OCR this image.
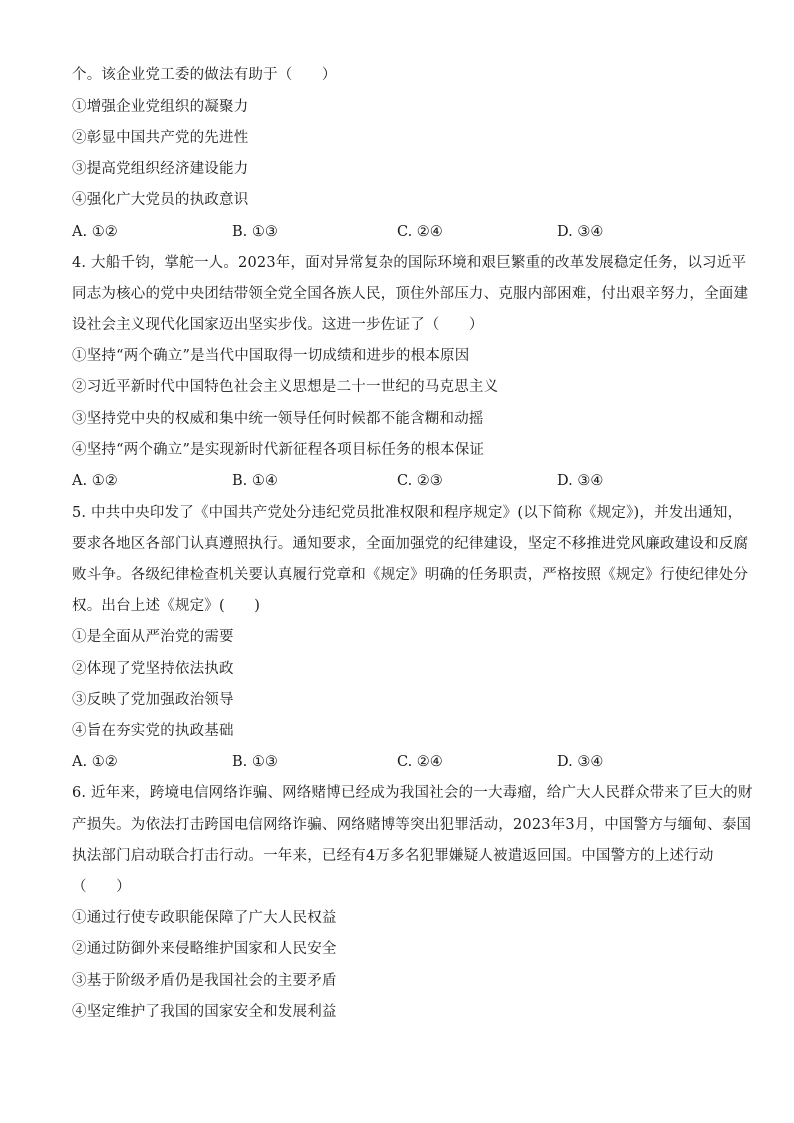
个。该企业党工委的做法有助于（　　）
①增强企业党组织的凝聚力
②彰显中国共产党的先进性
③提高党组织经济建设能力
④强化广大党员的执政意识
A. ①②	B. ①③	C. ②④	D. ③④
4. 大船千钧，掌舵一人。2023年，面对异常复杂的国际环境和艰巨繁重的改革发展稳定任务，以习近平
同志为核心的党中央团结带领全党全国各族人民，顶住外部压力、克服内部困难，付出艰辛努力，全面建
设社会主义现代化国家迈出坚实步伐。这进一步佐证了（　　）
①坚持“两个确立”是当代中国取得一切成绩和进步的根本原因
②习近平新时代中国特色社会主义思想是二十一世纪的马克思主义
③坚持党中央的权威和集中统一领导任何时候都不能含糊和动摇
④坚持“两个确立”是实现新时代新征程各项目标任务的根本保证
A. ①②	B. ①④	C. ②③	D. ③④
5. 中共中央印发了《中国共产党处分违纪党员批准权限和程序规定》(以下简称《规定》)，并发出通知，
要求各地区各部门认真遵照执行。通知要求，全面加强党的纪律建设，坚定不移推进党风廉政建设和反腐
败斗争。各级纪律检查机关要认真履行党章和《规定》明确的任务职责，严格按照《规定》行使纪律处分
权。出台上述《规定》(　　)
①是全面从严治党的需要
②体现了党坚持依法执政
③反映了党加强政治领导
④旨在夯实党的执政基础
A. ①②	B. ①③	C. ②④	D. ③④
6. 近年来，跨境电信网络诈骗、网络赌博已经成为我国社会的一大毒瘤，给广大人民群众带来了巨大的财
产损失。为依法打击跨国电信网络诈骗、网络赌博等突出犯罪活动，2023年3月，中国警方与缅甸、泰国
执法部门启动联合打击行动。一年来，已经有4万多名犯罪嫌疑人被遣返回国。中国警方的上述行动
（　　）
①通过行使专政职能保障了广大人民权益
②通过防御外来侵略维护国家和人民安全
③基于阶级矛盾仍是我国社会的主要矛盾
④坚定维护了我国的国家安全和发展利益
